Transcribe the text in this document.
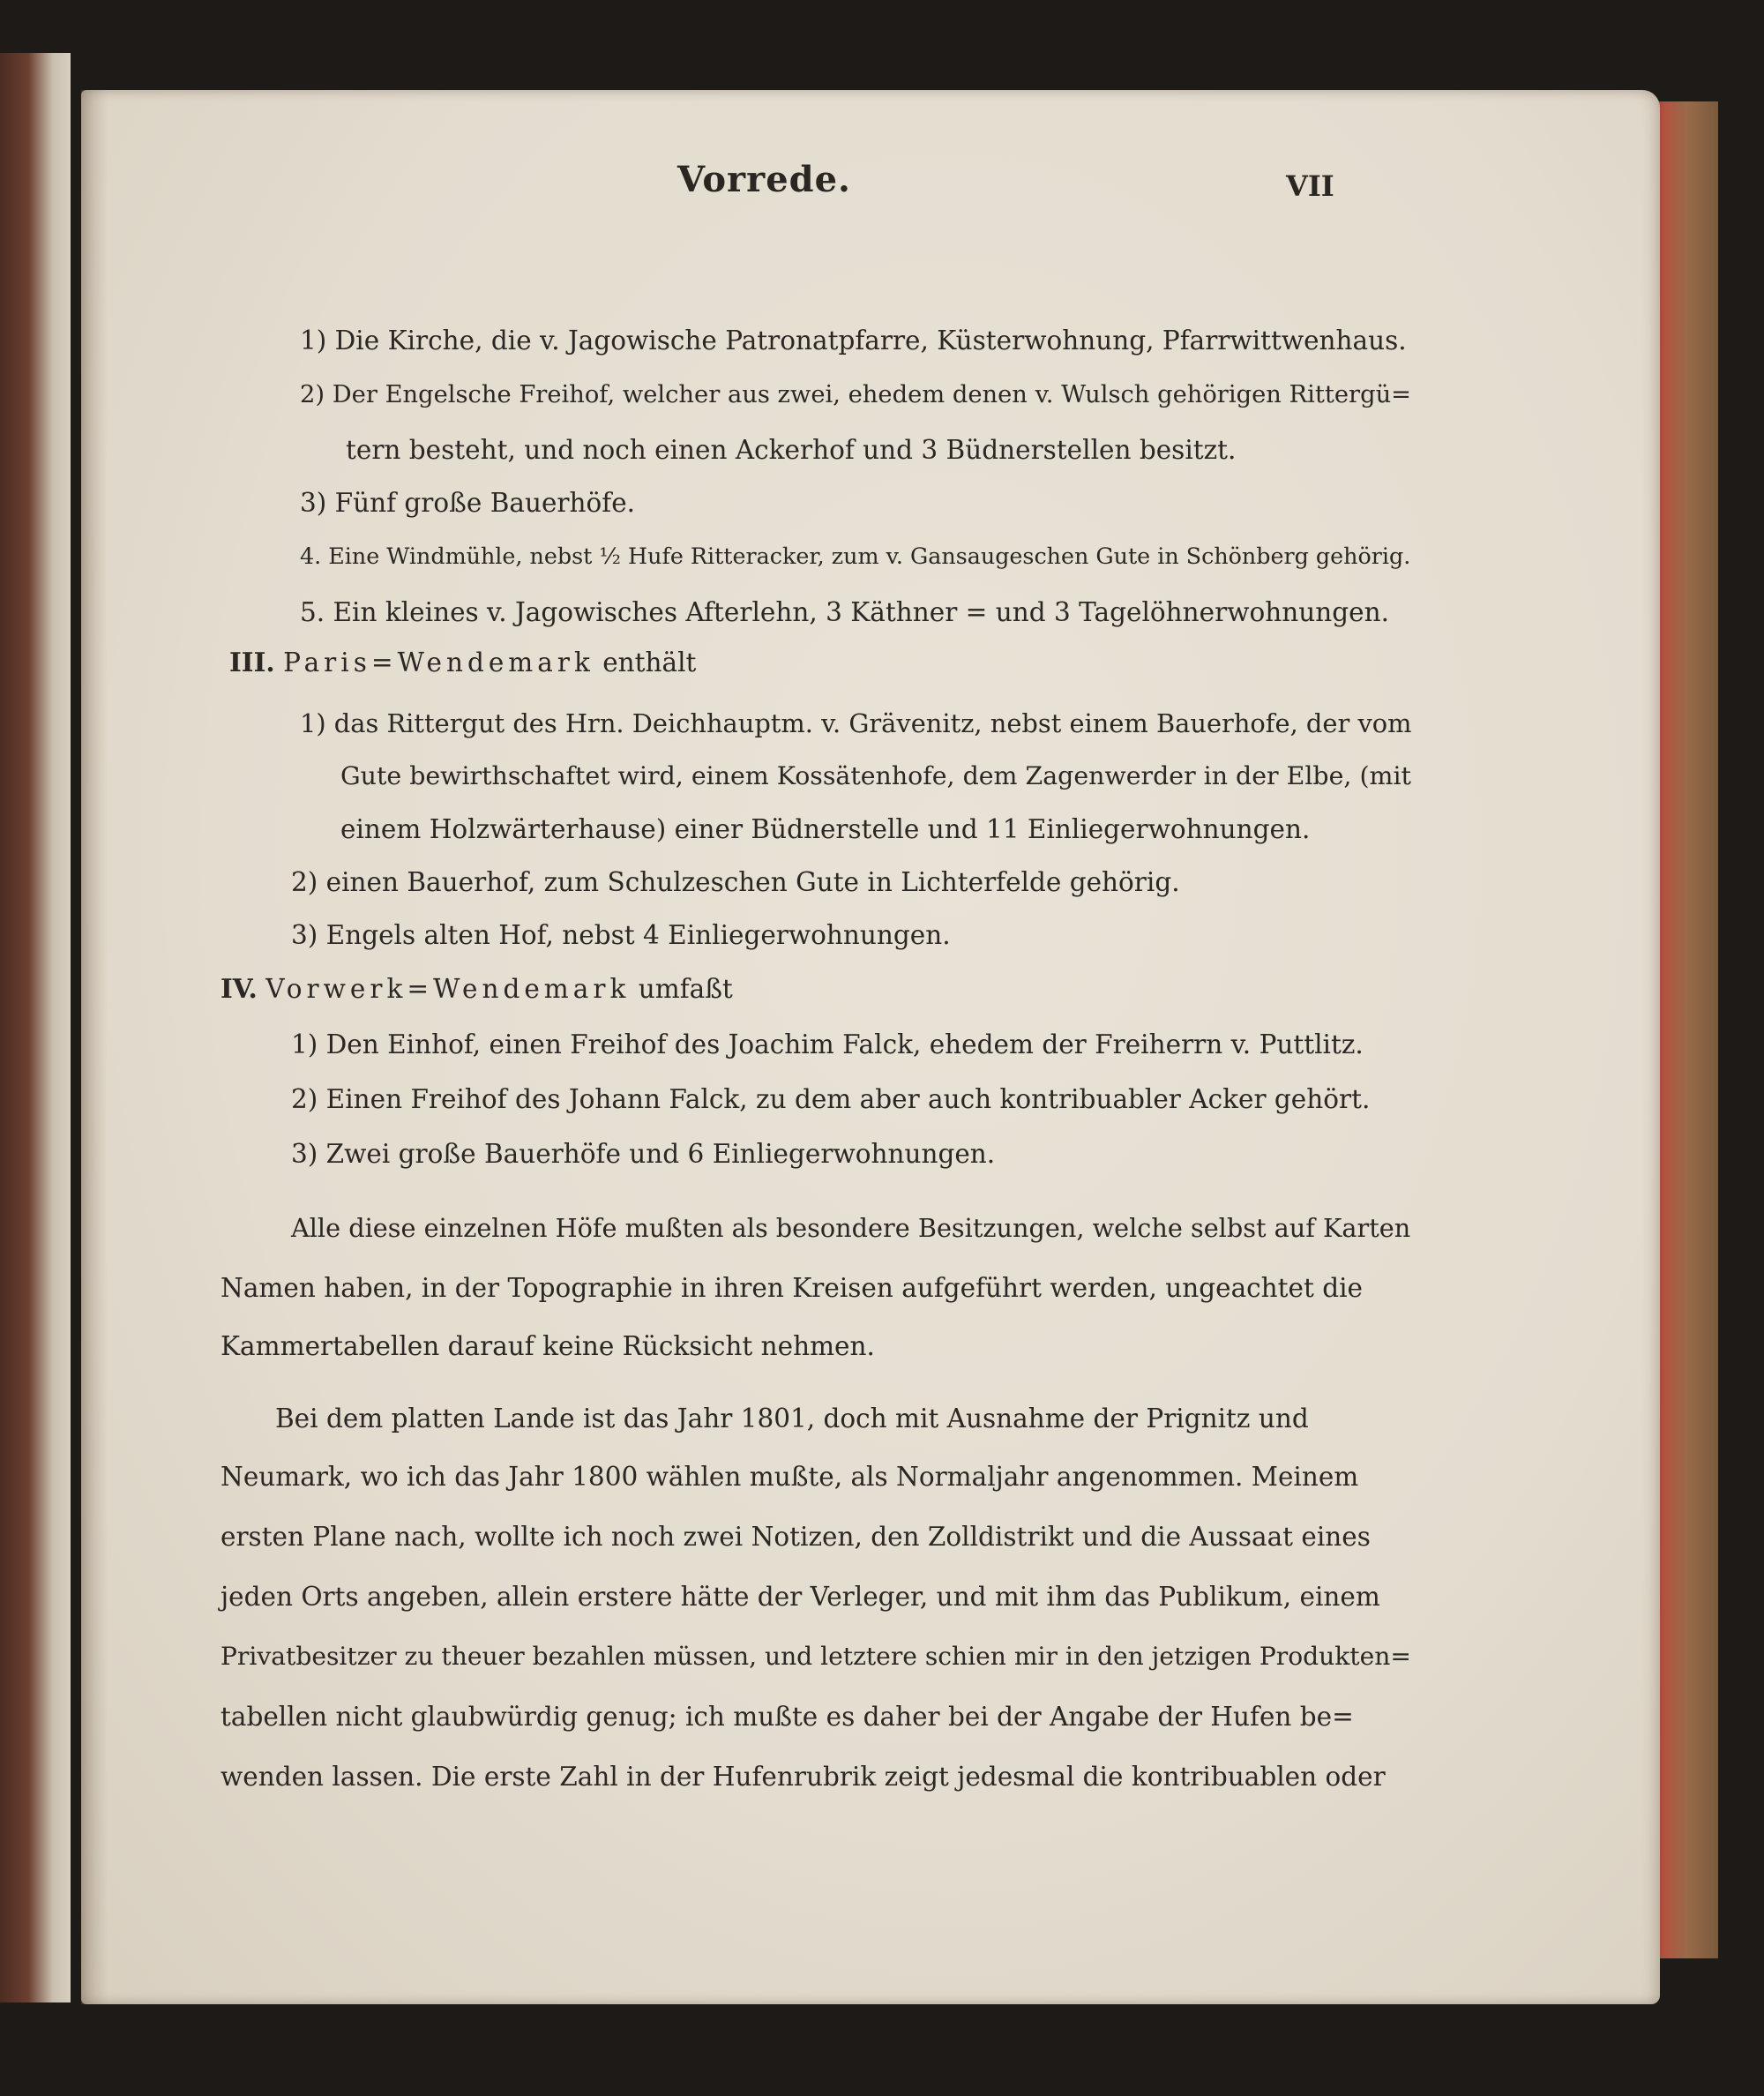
Vorrede.	VII
1) Die Kirche, die v. Jagowische Patronatpfarre, Küsterwohnung, Pfarrwittwenhaus.
2) Der Engelsche Freihof, welcher aus zwei, ehedem denen v. Wulsch gehörigen Rittergü=
tern besteht, und noch einen Ackerhof und 3 Büdnerstellen besitzt.
3) Fünf große Bauerhöfe.
4. Eine Windmühle, nebst ½ Hufe Ritteracker, zum v. Gansaugeschen Gute in Schönberg gehörig.
5. Ein kleines v. Jagowisches Afterlehn, 3 Käthner = und 3 Tagelöhnerwohnungen.
III. Paris=Wendemark enthält
1) das Rittergut des Hrn. Deichhauptm. v. Grävenitz, nebst einem Bauerhofe, der vom
Gute bewirthschaftet wird, einem Kossätenhofe, dem Zagenwerder in der Elbe, (mit
einem Holzwärterhause) einer Büdnerstelle und 11 Einliegerwohnungen.
2) einen Bauerhof, zum Schulzeschen Gute in Lichterfelde gehörig.
3) Engels alten Hof, nebst 4 Einliegerwohnungen.
IV. Vorwerk=Wendemark umfaßt
1) Den Einhof, einen Freihof des Joachim Falck, ehedem der Freiherrn v. Puttlitz.
2) Einen Freihof des Johann Falck, zu dem aber auch kontribuabler Acker gehört.
3) Zwei große Bauerhöfe und 6 Einliegerwohnungen.
Alle diese einzelnen Höfe mußten als besondere Besitzungen, welche selbst auf Karten
Namen haben, in der Topographie in ihren Kreisen aufgeführt werden, ungeachtet die
Kammertabellen darauf keine Rücksicht nehmen.
Bei dem platten Lande ist das Jahr 1801, doch mit Ausnahme der Prignitz und
Neumark, wo ich das Jahr 1800 wählen mußte, als Normaljahr angenommen. Meinem
ersten Plane nach, wollte ich noch zwei Notizen, den Zolldistrikt und die Aussaat eines
jeden Orts angeben, allein erstere hätte der Verleger, und mit ihm das Publikum, einem
Privatbesitzer zu theuer bezahlen müssen, und letztere schien mir in den jetzigen Produkten=
tabellen nicht glaubwürdig genug; ich mußte es daher bei der Angabe der Hufen be=
wenden lassen. Die erste Zahl in der Hufenrubrik zeigt jedesmal die kontribuablen oder
